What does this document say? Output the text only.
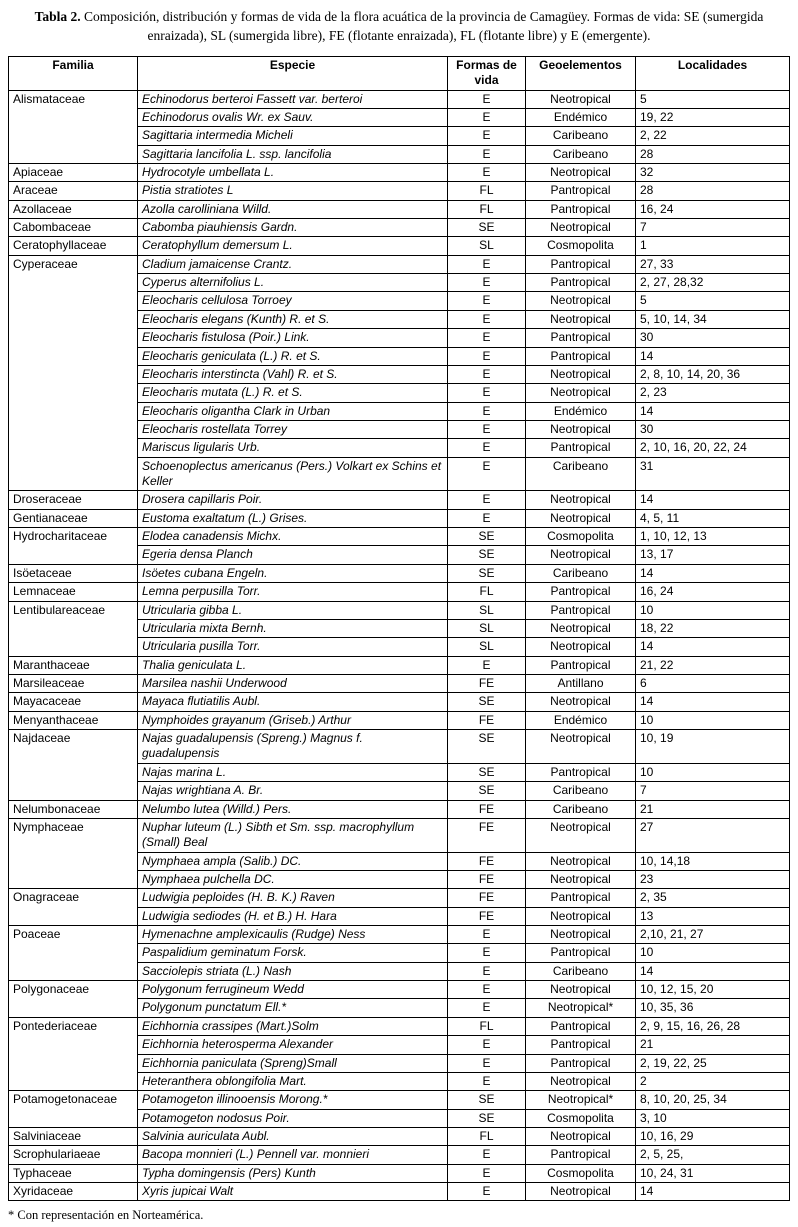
Tabla 2. Composición, distribución y formas de vida de la flora acuática de la provincia de Camagüey. Formas de vida: SE (sumergida enraizada), SL (sumergida libre), FE (flotante enraizada), FL (flotante libre) y E (emergente).
Familia	Especie	Formas de vida	Geoelementos	Localidades
Alismataceae	Echinodorus berteroi Fassett var. berteroi	E	Neotropical	5
	Echinodorus ovalis Wr. ex Sauv.	E	Endémico	19, 22
	Sagittaria intermedia Micheli	E	Caribeano	2, 22
	Sagittaria lancifolia L. ssp. lancifolia	E	Caribeano	28
Apiaceae	Hydrocotyle umbellata L.	E	Neotropical	32
Araceae	Pistia stratiotes L	FL	Pantropical	28
Azollaceae	Azolla carolliniana Willd.	FL	Pantropical	16, 24
Cabombaceae	Cabomba piauhiensis Gardn.	SE	Neotropical	7
Ceratophyllaceae	Ceratophyllum demersum L.	SL	Cosmopolita	1
Cyperaceae	Cladium jamaicense Crantz.	E	Pantropical	27, 33
	Cyperus alternifolius L.	E	Pantropical	2, 27, 28,32
	Eleocharis cellulosa Torroey	E	Neotropical	5
	Eleocharis elegans (Kunth) R. et S.	E	Neotropical	5, 10, 14, 34
	Eleocharis fistulosa (Poir.) Link.	E	Pantropical	30
	Eleocharis geniculata (L.) R. et S.	E	Pantropical	14
	Eleocharis interstincta (Vahl) R. et S.	E	Neotropical	2, 8, 10, 14, 20, 36
	Eleocharis mutata (L.) R. et S.	E	Neotropical	2, 23
	Eleocharis oligantha Clark in Urban	E	Endémico	14
	Eleocharis rostellata Torrey	E	Neotropical	30
	Mariscus ligularis Urb.	E	Pantropical	2, 10, 16, 20, 22, 24
	Schoenoplectus americanus (Pers.) Volkart ex Schins et Keller	E	Caribeano	31
Droseraceae	Drosera capillaris Poir.	E	Neotropical	14
Gentianaceae	Eustoma exaltatum (L.) Grises.	E	Neotropical	4, 5, 11
Hydrocharitaceae	Elodea canadensis Michx.	SE	Cosmopolita	1, 10, 12, 13
	Egeria densa Planch	SE	Neotropical	13, 17
Isöetaceae	Isöetes cubana Engeln.	SE	Caribeano	14
Lemnaceae	Lemna perpusilla Torr.	FL	Pantropical	16, 24
Lentibulareaceae	Utricularia gibba L.	SL	Pantropical	10
	Utricularia mixta Bernh.	SL	Neotropical	18, 22
	Utricularia pusilla Torr.	SL	Neotropical	14
Maranthaceae	Thalia geniculata L.	E	Pantropical	21, 22
Marsileaceae	Marsilea nashii Underwood	FE	Antillano	6
Mayacaceae	Mayaca flutiatilis Aubl.	SE	Neotropical	14
Menyanthaceae	Nymphoides grayanum (Griseb.) Arthur	FE	Endémico	10
Najdaceae	Najas guadalupensis (Spreng.) Magnus f. guadalupensis	SE	Neotropical	10, 19
	Najas marina L.	SE	Pantropical	10
	Najas wrightiana A. Br.	SE	Caribeano	7
Nelumbonaceae	Nelumbo lutea (Willd.) Pers.	FE	Caribeano	21
Nymphaceae	Nuphar luteum (L.) Sibth et Sm. ssp. macrophyllum (Small) Beal	FE	Neotropical	27
	Nymphaea ampla (Salib.) DC.	FE	Neotropical	10, 14,18
	Nymphaea pulchella DC.	FE	Neotropical	23
Onagraceae	Ludwigia peploides (H. B. K.) Raven	FE	Pantropical	2, 35
	Ludwigia sediodes (H. et B.) H. Hara	FE	Neotropical	13
Poaceae	Hymenachne amplexicaulis (Rudge) Ness	E	Neotropical	2,10, 21, 27
	Paspalidium geminatum Forsk.	E	Pantropical	10
	Sacciolepis striata (L.) Nash	E	Caribeano	14
Polygonaceae	Polygonum ferrugineum Wedd	E	Neotropical	10, 12, 15, 20
	Polygonum punctatum Ell.*	E	Neotropical*	10, 35, 36
Pontederiaceae	Eichhornia crassipes (Mart.)Solm	FL	Pantropical	2, 9, 15, 16, 26, 28
	Eichhornia heterosperma Alexander	E	Pantropical	21
	Eichhornia paniculata (Spreng)Small	E	Pantropical	2, 19, 22, 25
	Heteranthera oblongifolia Mart.	E	Neotropical	2
Potamogetonaceae	Potamogeton illinooensis Morong.*	SE	Neotropical*	8, 10, 20, 25, 34
	Potamogeton nodosus Poir.	SE	Cosmopolita	3, 10
Salviniaceae	Salvinia auriculata Aubl.	FL	Neotropical	10, 16, 29
Scrophulariaeae	Bacopa monnieri (L.) Pennell var. monnieri	E	Pantropical	2, 5, 25,
Typhaceae	Typha domingensis (Pers) Kunth	E	Cosmopolita	10, 24, 31
Xyridaceae	Xyris jupicai Walt	E	Neotropical	14
* Con representación en Norteamérica.
